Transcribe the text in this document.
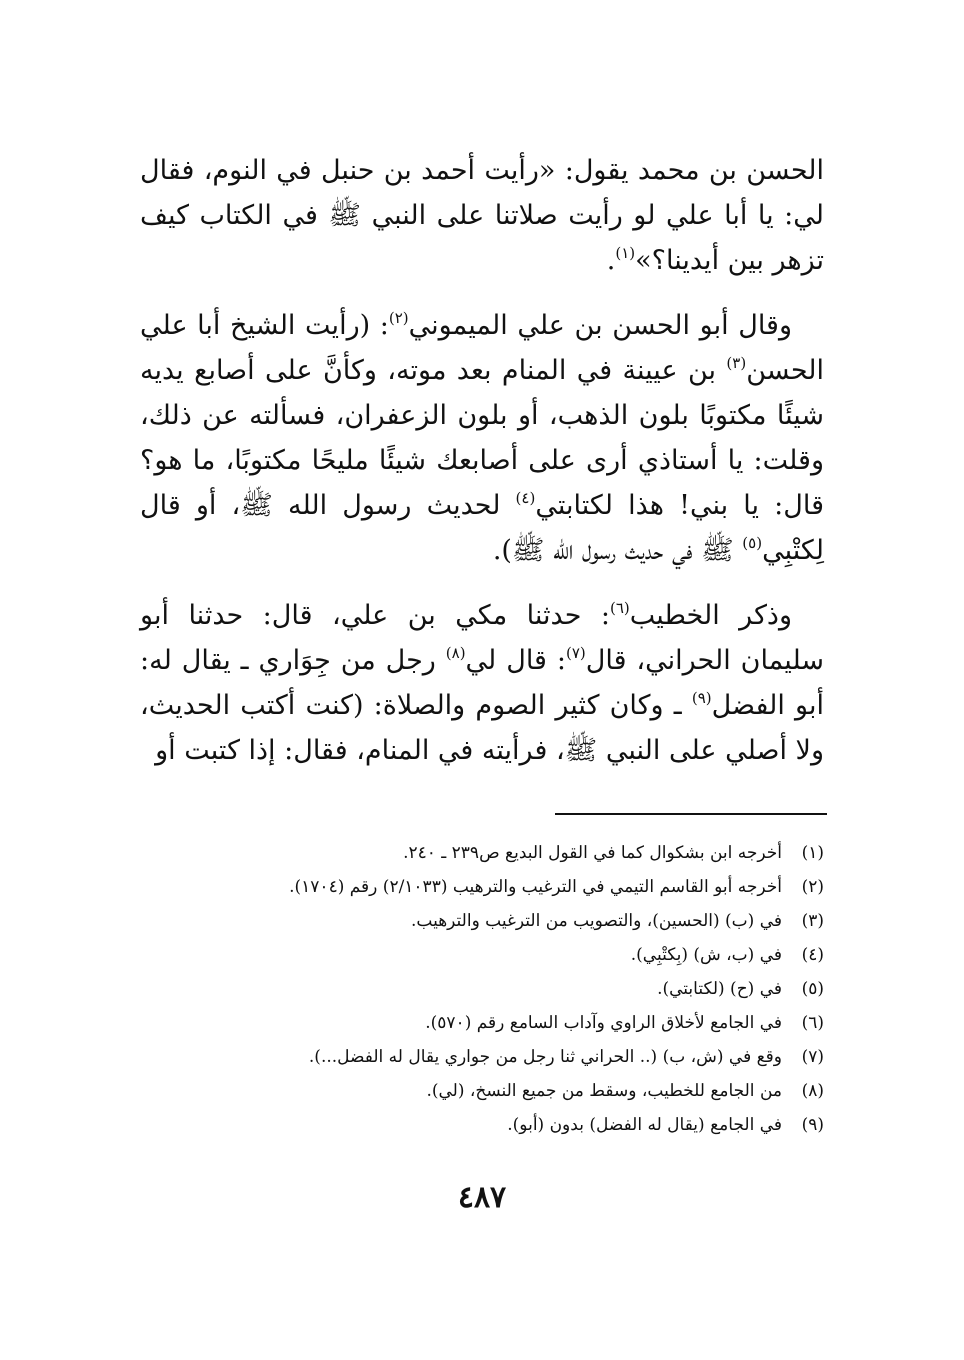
الحسن بن محمد يقول: «رأيت أحمد بن حنبل في النوم، فقال لي: يا أبا علي لو رأيت صلاتنا على النبي ﷺ في الكتاب كيف تزهر بين أيدينا؟»$^{(١)}$.

وقال أبو الحسن بن علي الميموني$^{(٢)}$: (رأيت الشيخ أبا علي الحسن$^{(٣)}$ بن عيينة في المنام بعد موته، وكأنَّ على أصابع يديه شيئًا مكتوبًا بلون الذهب، أو بلون الزعفران، فسألته عن ذلك، وقلت: يا أستاذي أرى على أصابعك شيئًا مليحًا مكتوبًا، ما هو؟ قال: يا بني! هذا لكتابتي$^{(٤)}$ لحديث رسول الله ﷺ، أو قال لِكتْبِي$^{(٥)}$ ﷺ في حديث رسول الله ﷺ).

وذكر الخطيب$^{(٦)}$: حدثنا مكي بن علي، قال: حدثنا أبو سليمان الحراني، قال$^{(٧)}$: قال لي$^{(٨)}$ رجل من جِوَاري ـ يقال له: أبو الفضل$^{(٩)}$ ـ وكان كثير الصوم والصلاة: (كنت أكتب الحديث، ولا أصلي على النبي ﷺ، فرأيته في المنام، فقال: إذا كتبت أو

(١)
أخرجه ابن بشكوال كما في القول البديع ص٢٣٩ ـ ٢٤٠.
(٢)
أخرجه أبو القاسم التيمي في الترغيب والترهيب (٢/١٠٣٣) رقم (١٧٠٤).
(٣)
في (ب) (الحسين)، والتصويب من الترغيب والترهيب.
(٤)
في (ب، ش) (بِكتْبِي).
(٥)
في (ح) (لكتابتي).
(٦)
في الجامع لأخلاق الراوي وآداب السامع رقم (٥٧٠).
(٧)
وقع في (ش، ب) (.. الحراني ثنا رجل من جواري يقال له الفضل...).
(٨)
من الجامع للخطيب، وسقط من جميع النسخ، (لي).
(٩)
في الجامع (يقال له الفضل) بدون (أبو).
٤٨٧
